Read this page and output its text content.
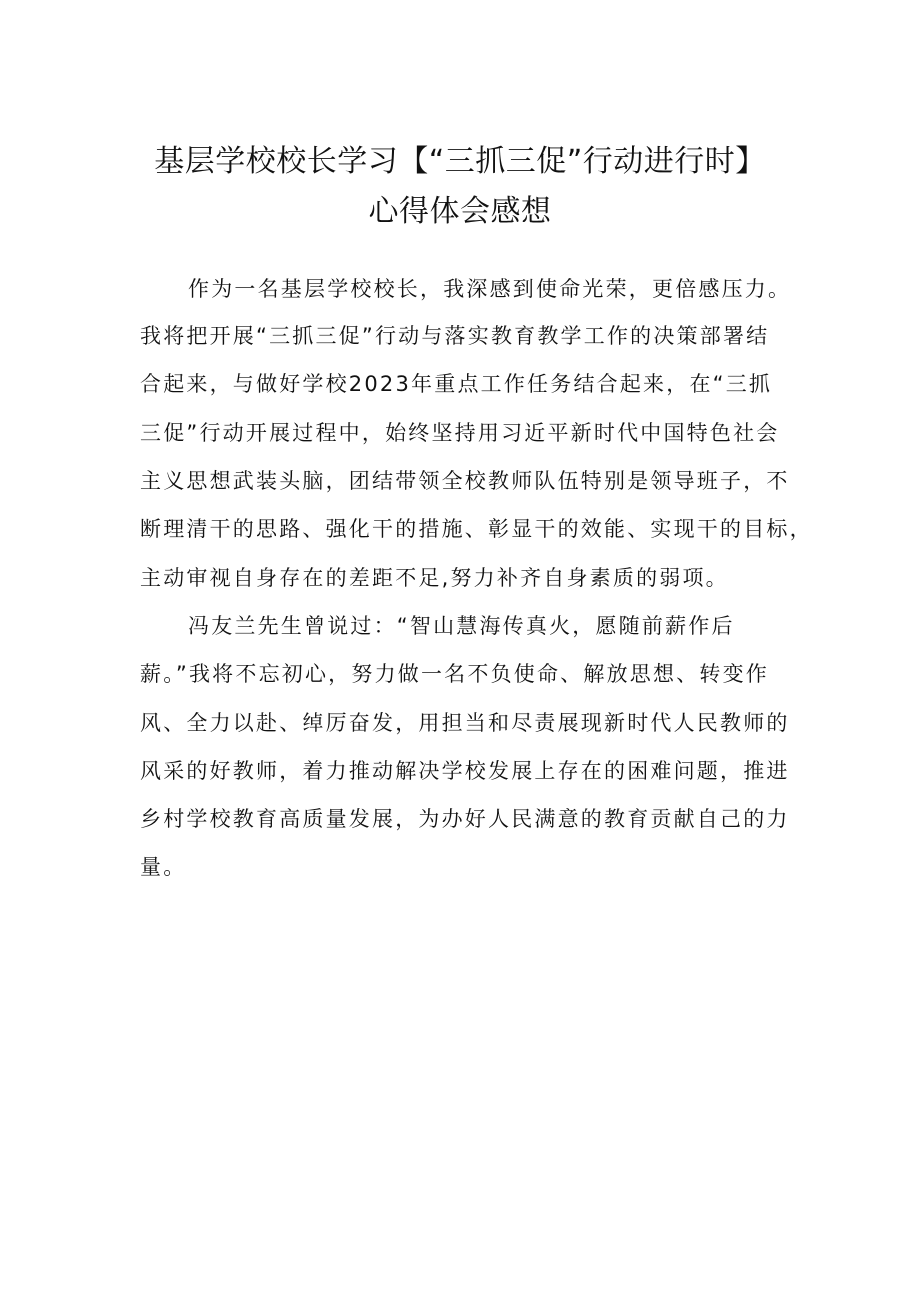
基层学校校长学习【“三抓三促”行动进行时】
心得体会感想
作为一名基层学校校长，我深感到使命光荣，更倍感压力。
我将把开展“三抓三促”行动与落实教育教学工作的决策部署结
合起来，与做好学校2023年重点工作任务结合起来，在“三抓
三促”行动开展过程中，始终坚持用习近平新时代中国特色社会
主义思想武装头脑，团结带领全校教师队伍特别是领导班子，不
断理清干的思路、强化干的措施、彰显干的效能、实现干的目标，
主动审视自身存在的差距不足,努力补齐自身素质的弱项。
冯友兰先生曾说过：“智山慧海传真火，愿随前薪作后
薪。”我将不忘初心，努力做一名不负使命、解放思想、转变作
风、全力以赴、绰厉奋发，用担当和尽责展现新时代人民教师的
风采的好教师，着力推动解决学校发展上存在的困难问题，推进
乡村学校教育高质量发展，为办好人民满意的教育贡献自己的力
量。
